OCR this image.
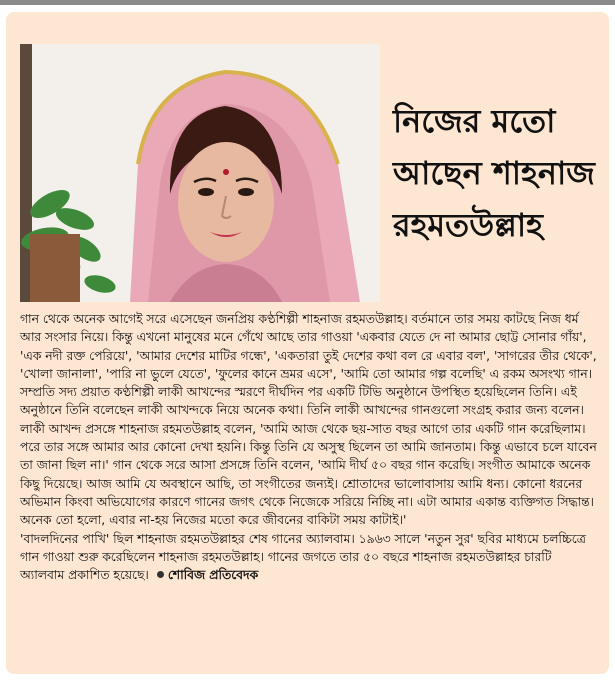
নিজের মতো
আছেন শাহনাজ
রহমতউল্লাহ

গান থেকে অনেক আগেই সরে এসেছেন জনপ্রিয় কণ্ঠশিল্পী শাহনাজ রহমতউল্লাহ। বর্তমানে তার সময় কাটছে নিজ ধর্ম আর সংসার নিয়ে। কিন্তু এখনো মানুষের মনে গেঁথে আছে তার গাওয়া 'একবার যেতে দে না আমার ছোট্ট সোনার গাঁয়', 'এক নদী রক্ত পেরিয়ে', 'আমার দেশের মাটির গন্ধে', 'একতারা তুই দেশের কথা বল রে এবার বল', 'সাগরের তীর থেকে', 'খোলা জানালা', 'পারি না ভুলে যেতে', 'ফুলের কানে ভ্রমর এসে', 'আমি তো আমার গল্প বলেছি' এ রকম অসংখ্য গান।

সম্প্রতি সদ্য প্রয়াত কণ্ঠশিল্পী লাকী আখন্দের স্মরণে দীর্ঘদিন পর একটি টিভি অনুষ্ঠানে উপস্থিত হয়েছিলেন তিনি। এই অনুষ্ঠানে তিনি বলেছেন লাকী আখন্দকে নিয়ে অনেক কথা। তিনি লাকী আখন্দের গানগুলো সংগ্রহ করার জন্য বলেন। লাকী আখন্দ প্রসঙ্গে শাহনাজ রহমতউল্লাহ বলেন, 'আমি আজ থেকে ছয়-সাত বছর আগে তার একটি গান করেছিলাম। পরে তার সঙ্গে আমার আর কোনো দেখা হয়নি। কিন্তু তিনি যে অসুস্থ ছিলেন তা আমি জানতাম। কিন্তু এভাবে চলে যাবেন তা জানা ছিল না।' গান থেকে সরে আসা প্রসঙ্গে তিনি বলেন, 'আমি দীর্ঘ ৫০ বছর গান করেছি। সংগীত আমাকে অনেক কিছু দিয়েছে। আজ আমি যে অবস্থানে আছি, তা সংগীতের জন্যই। শ্রোতাদের ভালোবাসায় আমি ধন্য। কোনো ধরনের অভিমান কিংবা অভিযোগের কারণে গানের জগৎ থেকে নিজেকে সরিয়ে নিচ্ছি না। এটা আমার একান্ত ব্যক্তিগত সিদ্ধান্ত। অনেক তো হলো, এবার না-হয় নিজের মতো করে জীবনের বাকিটা সময় কাটাই।'

'বাদলদিনের পাখি' ছিল শাহনাজ রহমতউল্লাহর শেষ গানের অ্যালবাম। ১৯৬৩ সালে 'নতুন সুর' ছবির মাধ্যমে চলচ্চিত্রে গান গাওয়া শুরু করেছিলেন শাহনাজ রহমতউল্লাহ। গানের জগতে তার ৫০ বছরে শাহনাজ রহমতউল্লাহর চারটি অ্যালবাম প্রকাশিত হয়েছে। শোবিজ প্রতিবেদক
